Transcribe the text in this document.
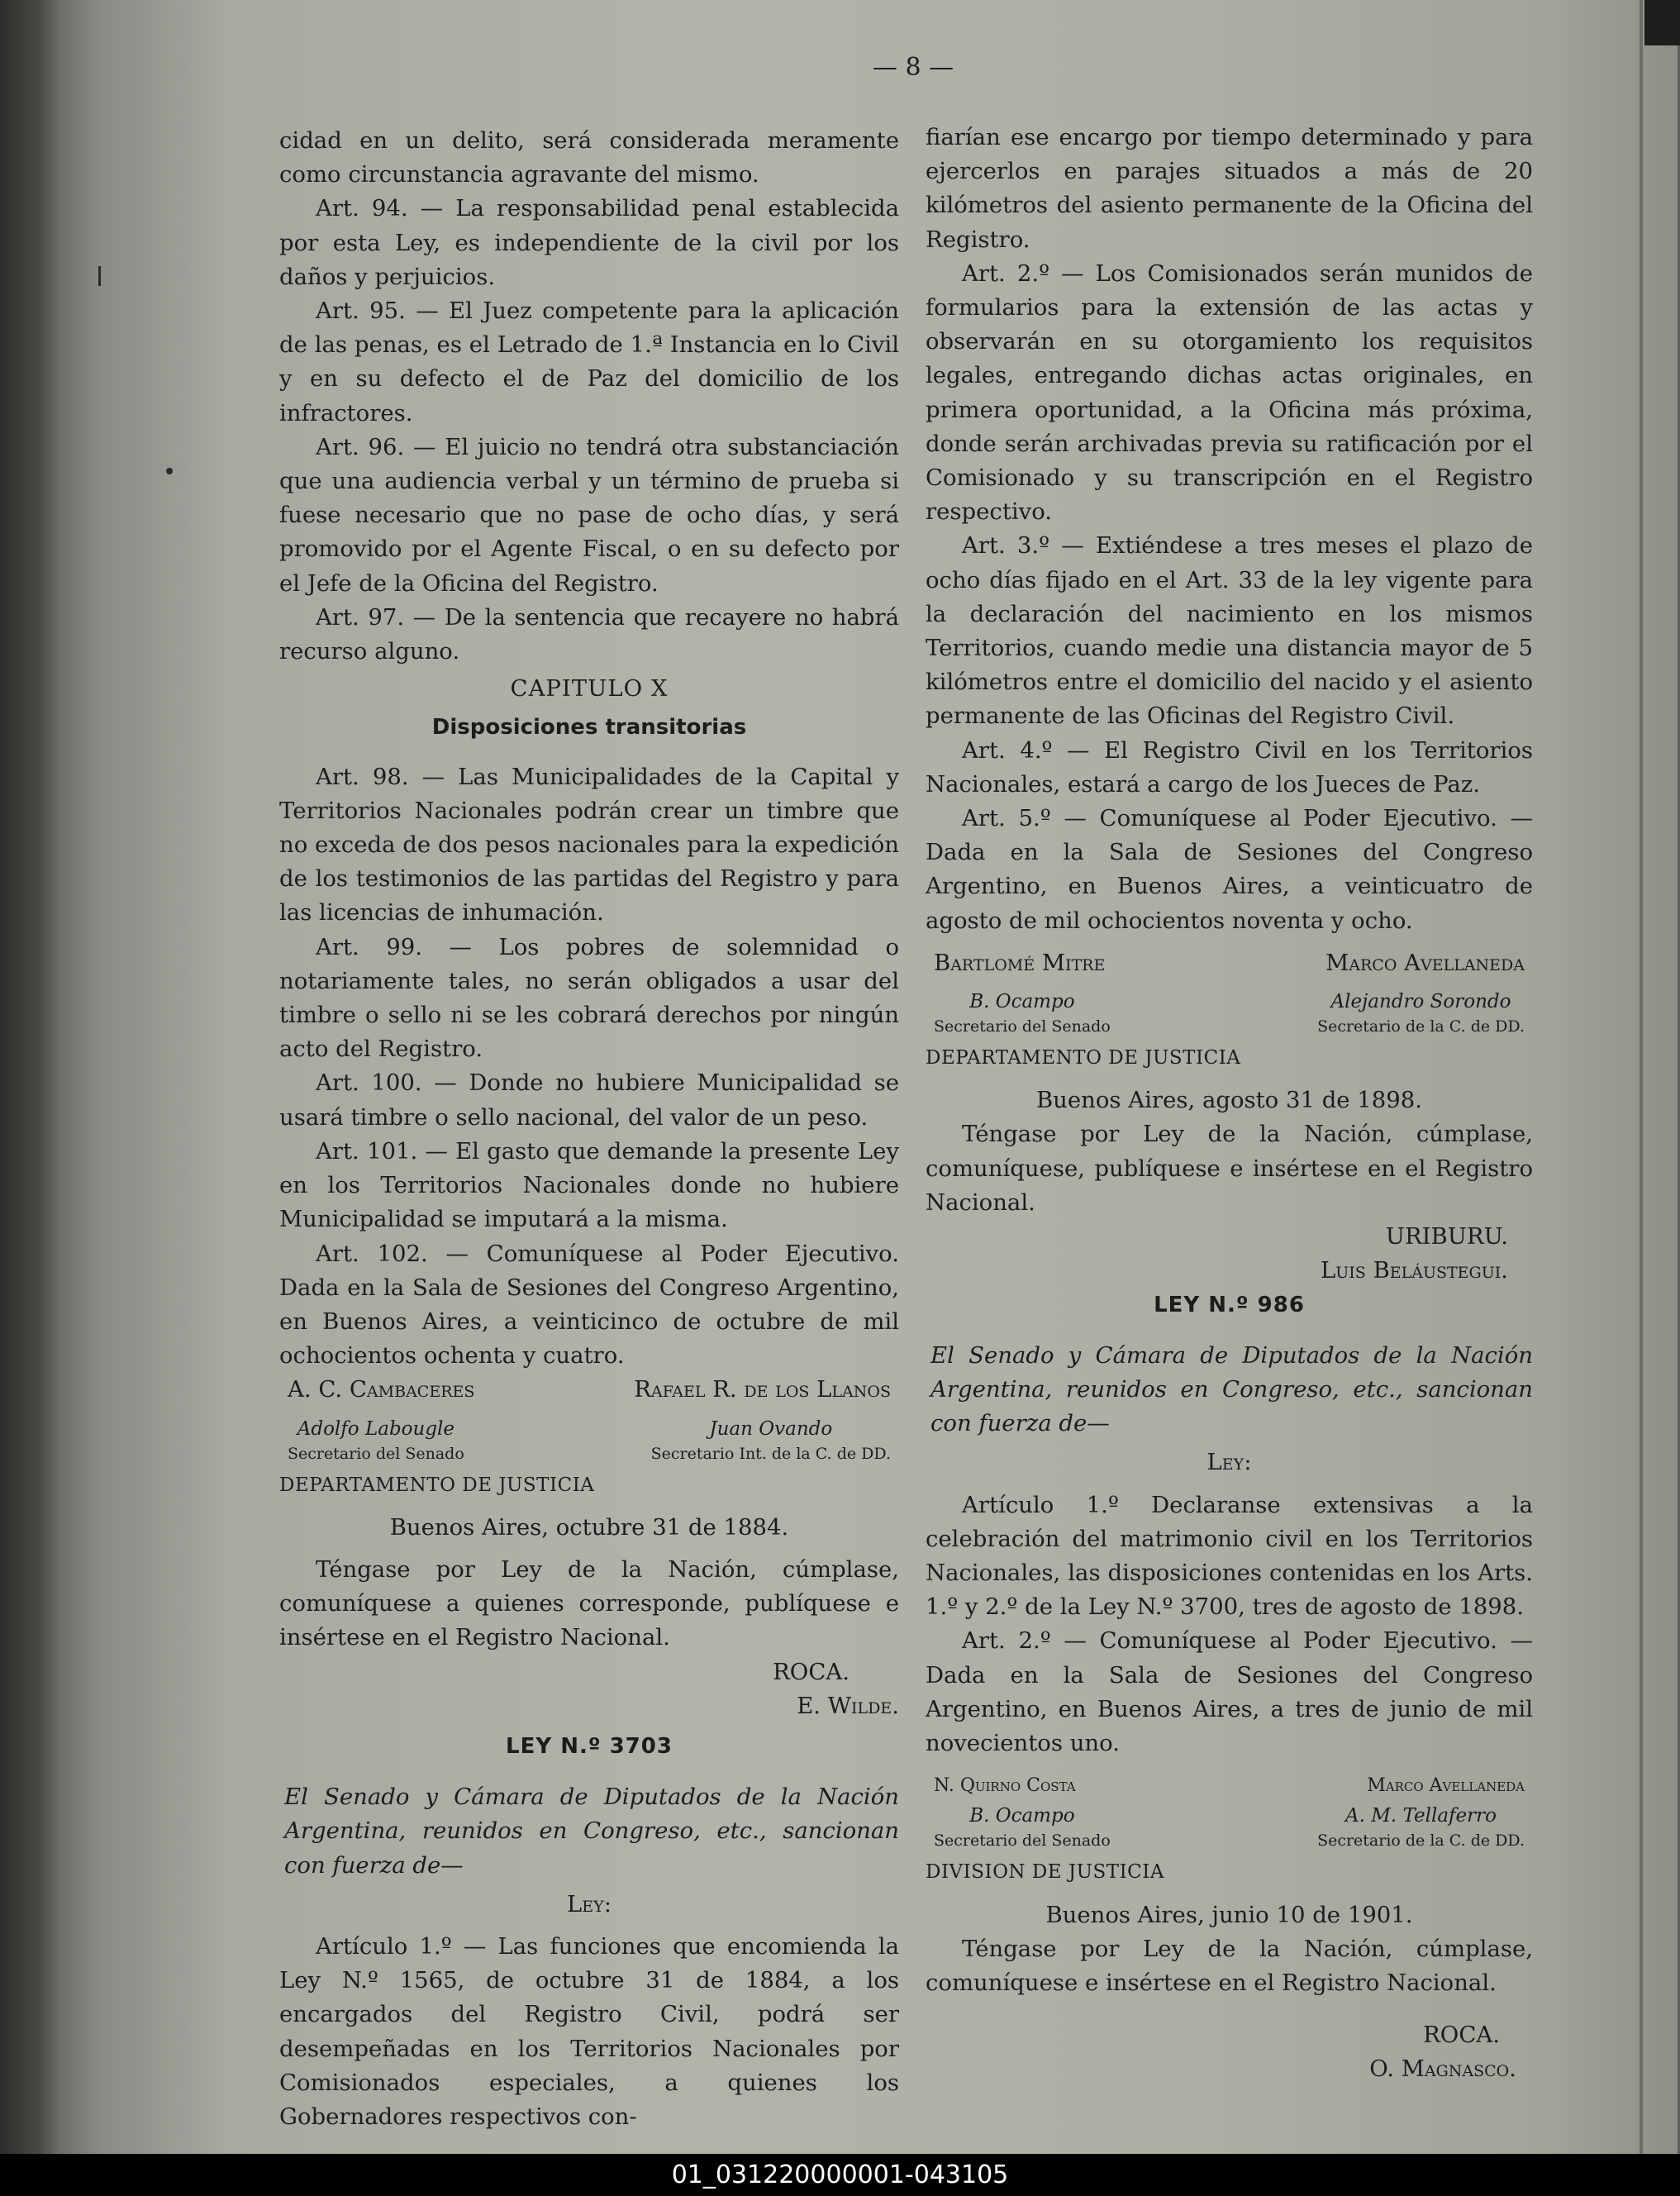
— 8 —

cidad en un delito, será considerada meramente como circunstancia agravante del mismo.

Art. 94. — La responsabilidad penal establecida por esta Ley, es independiente de la civil por los daños y perjuicios.

Art. 95. — El Juez competente para la aplicación de las penas, es el Letrado de 1.ª Instancia en lo Civil y en su defecto el de Paz del domicilio de los infractores.

Art. 96. — El juicio no tendrá otra substanciación que una audiencia verbal y un término de prueba si fuese necesario que no pase de ocho días, y será promovido por el Agente Fiscal, o en su defecto por el Jefe de la Oficina del Registro.

Art. 97. — De la sentencia que recayere no habrá recurso alguno.

CAPITULO X
Disposiciones transitorias

Art. 98. — Las Municipalidades de la Capital y Territorios Nacionales podrán crear un timbre que no exceda de dos pesos nacionales para la expedición de los testimonios de las partidas del Registro y para las licencias de inhumación.

Art. 99. — Los pobres de solemnidad o notariamente tales, no serán obligados a usar del timbre o sello ni se les cobrará derechos por ningún acto del Registro.

Art. 100. — Donde no hubiere Municipalidad se usará timbre o sello nacional, del valor de un peso.

Art. 101. — El gasto que demande la presente Ley en los Territorios Nacionales donde no hubiere Municipalidad se imputará a la misma.

Art. 102. — Comuníquese al Poder Ejecutivo. Dada en la Sala de Sesiones del Congreso Argentino, en Buenos Aires, a veinticinco de octubre de mil ochocientos ochenta y cuatro.

A. C. Cambaceres	Rafael R. de los Llanos
Adolfo Labougle
Secretario del Senado
Juan Ovando
Secretario Int. de la C. de DD.
DEPARTAMENTO DE JUSTICIA

Buenos Aires, octubre 31 de 1884.

Téngase por Ley de la Nación, cúmplase, comuníquese a quienes corresponde, publíquese e insértese en el Registro Nacional.

ROCA.

E. Wilde.

LEY N.º 3703

El Senado y Cámara de Diputados de la Nación Argentina, reunidos en Congreso, etc., sancionan con fuerza de—

Ley:

Artículo 1.º — Las funciones que encomienda la Ley N.º 1565, de octubre 31 de 1884, a los encargados del Registro Civil, podrá ser desempeñadas en los Territorios Nacionales por Comisionados especiales, a quienes los Gobernadores respectivos con-

fiarían ese encargo por tiempo determinado y para ejercerlos en parajes situados a más de 20 kilómetros del asiento permanente de la Oficina del Registro.

Art. 2.º — Los Comisionados serán munidos de formularios para la extensión de las actas y observarán en su otorgamiento los requisitos legales, entregando dichas actas originales, en primera oportunidad, a la Oficina más próxima, donde serán archivadas previa su ratificación por el Comisionado y su transcripción en el Registro respectivo.

Art. 3.º — Extiéndese a tres meses el plazo de ocho días fijado en el Art. 33 de la ley vigente para la declaración del nacimiento en los mismos Territorios, cuando medie una distancia mayor de 5 kilómetros entre el domicilio del nacido y el asiento permanente de las Oficinas del Registro Civil.

Art. 4.º — El Registro Civil en los Territorios Nacionales, estará a cargo de los Jueces de Paz.

Art. 5.º — Comuníquese al Poder Ejecutivo. — Dada en la Sala de Sesiones del Congreso Argentino, en Buenos Aires, a veinticuatro de agosto de mil ochocientos noventa y ocho.

Bartlomé Mitre	Marco Avellaneda
B. Ocampo
Secretario del Senado
Alejandro Sorondo
Secretario de la C. de DD.
DEPARTAMENTO DE JUSTICIA

Buenos Aires, agosto 31 de 1898.

Téngase por Ley de la Nación, cúmplase, comuníquese, publíquese e insértese en el Registro Nacional.

URIBURU.

Luis Beláustegui.

LEY N.º 986

El Senado y Cámara de Diputados de la Nación Argentina, reunidos en Congreso, etc., sancionan con fuerza de—

Ley:

Artículo 1.º Declaranse extensivas a la celebración del matrimonio civil en los Territorios Nacionales, las disposiciones contenidas en los Arts. 1.º y 2.º de la Ley N.º 3700, tres de agosto de 1898.

Art. 2.º — Comuníquese al Poder Ejecutivo. — Dada en la Sala de Sesiones del Congreso Argentino, en Buenos Aires, a tres de junio de mil novecientos uno.

N. Quirno Costa	Marco Avellaneda
B. Ocampo
Secretario del Senado
A. M. Tellaferro
Secretario de la C. de DD.
DIVISION DE JUSTICIA

Buenos Aires, junio 10 de 1901.

Téngase por Ley de la Nación, cúmplase, comuníquese e insértese en el Registro Nacional.

ROCA.

O. Magnasco.

01_031220000001-043105
